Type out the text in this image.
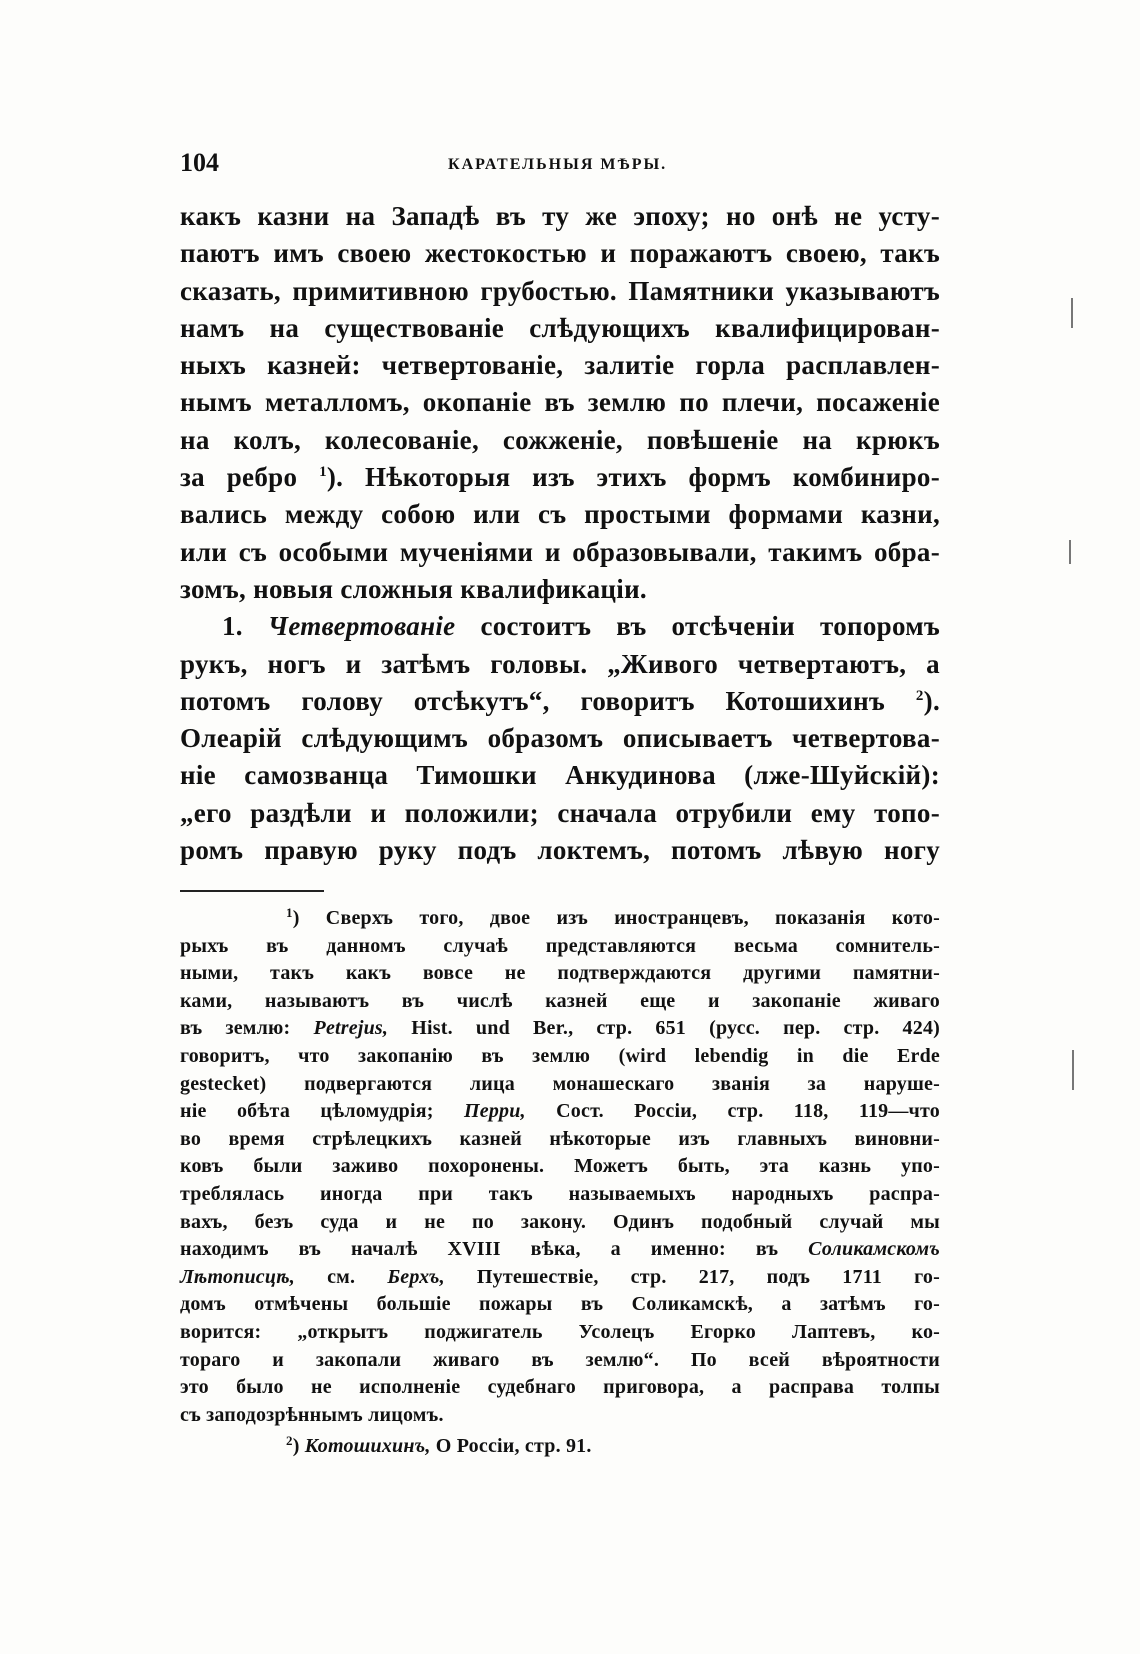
104	КАРАТЕЛЬНЫЯ МѢРЫ.
какъ казни на Западѣ въ ту же эпоху; но онѣ не усту-
паютъ имъ своею жестокостью и поражаютъ своею, такъ
сказать, примитивною грубостью. Памятники указываютъ
намъ на существованіе слѣдующихъ квалифицирован-
ныхъ казней: четвертованіе, залитіе горла расплавлен-
нымъ металломъ, окопаніе въ землю по плечи, посаженіе
на колъ, колесованіе, сожженіе, повѣшеніе на крюкъ
за ребро $^1$). Нѣкоторыя изъ этихъ формъ комбиниро-
вались между собою или съ простыми формами казни,
или съ особыми мученіями и образовывали, такимъ обра-
зомъ, новыя сложныя квалификаціи.
1. Четвертованіе состоитъ въ отсѣченіи топоромъ
рукъ, ногъ и затѣмъ головы. „Живого четвертаютъ, а
потомъ голову отсѣкутъ“, говоритъ Котошихинъ $^2$).
Олеарій слѣдующимъ образомъ описываетъ четвертова-
ніе самозванца Тимошки Анкудинова (лже-Шуйскій):
„его раздѣли и положили; сначала отрубили ему топо-
ромъ правую руку подъ локтемъ, потомъ лѣвую ногу
$^1$) Сверхъ того, двое изъ иностранцевъ, показанія кото-
рыхъ въ данномъ случаѣ представляются весьма сомнитель-
ными, такъ какъ вовсе не подтверждаются другими памятни-
ками, называютъ въ числѣ казней еще и закопаніе живаго
въ землю: Petrejus, Hist. und Ber., стр. 651 (русс. пер. стр. 424)
говоритъ, что закопанію въ землю (wird lebendig in die Erde
gestecket) подвергаются лица монашескаго званія за наруше-
ніе обѣта цѣломудрія; Перри, Сост. Россіи, стр. 118, 119—что
во время стрѣлецкихъ казней нѣкоторые изъ главныхъ виновни-
ковъ были заживо похоронены. Можетъ быть, эта казнь упо-
треблялась иногда при такъ называемыхъ народныхъ распра-
вахъ, безъ суда и не по закону. Одинъ подобный случай мы
находимъ въ началѣ XVIII вѣка, а именно: въ Соликамскомъ
Лѣтописцѣ, см. Берхъ, Путешествіе, стр. 217, подъ 1711 го-
домъ отмѣчены большіе пожары въ Соликамскѣ, а затѣмъ го-
ворится: „открытъ поджигатель Усолецъ Егорко Лаптевъ, ко-
тораго и закопали живаго въ землю“. По всей вѣроятности
это было не исполненіе судебнаго приговора, а расправа толпы
съ заподозрѣннымъ лицомъ.
$^2$) Котошихинъ, О Россіи, стр. 91.
